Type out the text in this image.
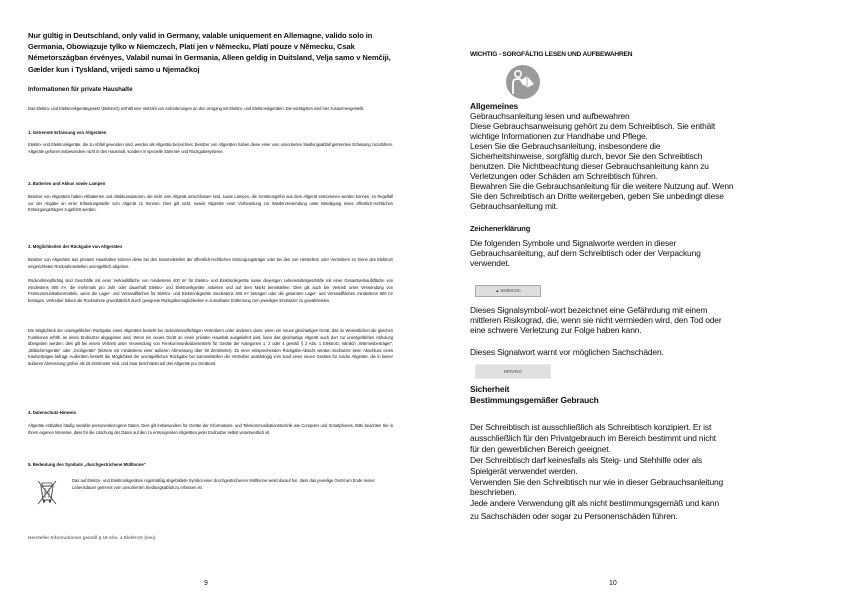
Nur gültig in Deutschland, only valid in Germany, valable uniquement en Allemagne, valido solo in Germania, Obowiązuje tylko w Niemczech, Platí jen v Německu, Platí pouze v Německu, Csak Németországban érvényes, Valabil numai în Germania, Alleen geldig in Duitsland, Velja samo v Nemčiji, Gælder kun i Tyskland, vrijedi samo u Njemačkoj
Informationen für private Haushalte
Das Elektro- und Elektronikgerätegesetz (ElektroG) enthält eine Vielzahl von Anforderungen an den Umgang mit Elektro- und Elektronikgeräten. Die wichtigsten sind hier zusammengestellt.
1. Getrennte Erfassung von Altgeräten
Elektro- und Elektronikgeräte, die zu Abfall geworden sind, werden als Altgeräte bezeichnet. Besitzer von Altgeräten haben diese einer vom unsortierten Siedlungsabfall getrennten Erfassung zuzuführen. Altgeräte gehören insbesondere nicht in den Hausmüll, sondern in spezielle Sammel- und Rückgabesysteme.
2. Batterien und Akkus sowie Lampen
Besitzer von Altgeräten haben Altbatterien und Altakkumulatoren, die nicht vom Altgerät umschlossen sind, sowie Lampen, die zerstörungsfrei aus dem Altgerät entnommen werden können, im Regelfall vor der Abgabe an einer Erfassungsstelle vom Altgerät zu trennen. Dies gilt nicht, soweit Altgeräte einer Vorbereitung zur Wiederverwendung unter Beteiligung eines öffentlich-rechtlichen Entsorgungsträgers zugeführt werden.
3. Möglichkeiten der Rückgabe von Altgeräten
Besitzer von Altgeräten aus privaten Haushalten können diese bei den Sammelstellen der öffentlich-rechtlichen Entsorgungsträger oder bei den von Herstellern oder Vertreibern im Sinne des ElektroG eingerichteten Rücknahmestellen unentgeltlich abgeben.
Rücknahmepflichtig sind Geschäfte mit einer Verkaufsfläche von mindestens 400 m² für Elektro- und Elektronikgeräte sowie diejenigen Lebensmittelgeschäfte mit einer Gesamtverkaufsfläche von mindestens 800 m², die mehrmals pro Jahr oder dauerhaft Elektro- und Elektronikgeräte anbieten und auf dem Markt bereitstellen. Dies gilt auch bei Vertrieb unter Verwendung von Fernkommunikationsmitteln, wenn die Lager- und Versandflächen für Elektro- und Elektronikgeräte mindestens 400 m² betragen oder die gesamten Lager- und Versandflächen mindestens 800 m² betragen. Vertreiber haben die Rücknahme grundsätzlich durch geeignete Rückgabemöglichkeiten in zumutbarer Entfernung zum jeweiligen Endnutzer zu gewährleisten.
Die Möglichkeit der unentgeltlichen Rückgabe eines Altgerätes besteht bei rücknahmepflichtigen Vertreibern unter anderem dann, wenn ein neues gleichartiges Gerät, das im Wesentlichen die gleichen Funktionen erfüllt, an einen Endnutzer abgegeben wird. Wenn ein neues Gerät an einen privaten Haushalt ausgeliefert wird, kann das gleichartige Altgerät auch dort zur unentgeltlichen Abholung übergeben werden; dies gilt bei einem Vertrieb unter Verwendung von Fernkommunikationsmitteln für Geräte der Kategorien 1, 2 oder 4 gemäß § 2 Abs. 1 ElektroG, nämlich „Wärmeüberträger“, „Bildschirmgeräte“ oder „Großgeräte“ (letztere mit mindestens einer äußeren Abmessung über 50 Zentimeter). Zu einer entsprechenden Rückgabe-Absicht werden Endnutzer beim Abschluss eines Kaufvertrages befragt. Außerdem besteht die Möglichkeit der unentgeltlichen Rückgabe bei Sammelstellen der Vertreiber unabhängig vom Kauf eines neuen Gerätes für solche Altgeräte, die in keiner äußeren Abmessung größer als 25 Zentimeter sind, und zwar beschränkt auf drei Altgeräte pro Geräteart.
4. Datenschutz-Hinweis
Altgeräte enthalten häufig sensible personenbezogene Daten. Dies gilt insbesondere für Geräte der Informations- und Telekommunikationstechnik wie Computer und Smartphones. Bitte beachten Sie in Ihrem eigenen Interesse, dass für die Löschung der Daten auf den zu entsorgenden Altgeräten jeder Endnutzer selbst verantwortlich ist.
5. Bedeutung des Symbols „durchgestrichene Mülltonne“
Das auf Elektro- und Elektronikgeräten regelmäßig abgebildete Symbol einer durchgestrichenen Mülltonne weist darauf hin, dass das jeweilige Gerät am Ende seiner Lebensdauer getrennt vom unsortierten Siedlungsabfall zu erfassen ist.
Hersteller-Informationen gemäß § 18 Abs. 4 ElektroG (neu)
9
WICHTIG - SORGFÄLTIG LESEN UND AUFBEWAHREN
Allgemeines
Gebrauchsanleitung lesen und aufbewahren
Diese Gebrauchsanweisung gehört zu dem Schreibtisch. Sie enthält
wichtige Informationen zur Handhabe und Pflege.
Lesen Sie die Gebrauchsanleitung, insbesondere die
Sicherheitshinweise, sorgfältig durch, bevor Sie den Schreibtisch
benutzen. Die Nichtbeachtung dieser Gebrauchsanleitung kann zu
Verletzungen oder Schäden am Schreibtisch führen.
Bewahren Sie die Gebrauchsanleitung für die weitere Nutzung auf. Wenn
Sie den Schreibtisch an Dritte weitergeben, geben Sie unbedingt diese
Gebrauchsanleitung mit.
Zeichenerklärung
Die folgenden Symbole und Signalworte werden in dieser
Gebrauchsanleitung, auf dem Schreibtisch oder der Verpackung
verwendet.
▲ WARNUNG
Dieses Signalsymbol/-wort bezeichnet eine Gefährdung mit einem
mittleren Risikograd, die, wenn sie nicht vermieden wird, den Tod oder
eine schwere Verletzung zur Folge haben kann.
Dieses Signalwort warnt vor möglichen Sachschäden.
HINWEIS!
Sicherheit
Bestimmungsgemäßer Gebrauch
Der Schreibtisch ist ausschließlich als Schreibtisch konzipiert. Er ist
ausschließlich für den Privatgebrauch im Bereich bestimmt und nicht
für den gewerblichen Bereich geeignet.
Der Schreibtisch darf keinesfalls als Steig- und Stehhilfe oder als
Spielgerät verwendet werden.
Verwenden Sie den Schreibtisch nur wie in dieser Gebrauchsanleitung
beschrieben.
Jede andere Verwendung gilt als nicht bestimmungsgemäß und kann
zu Sachschäden oder sogar zu Personenschäden führen.
10
